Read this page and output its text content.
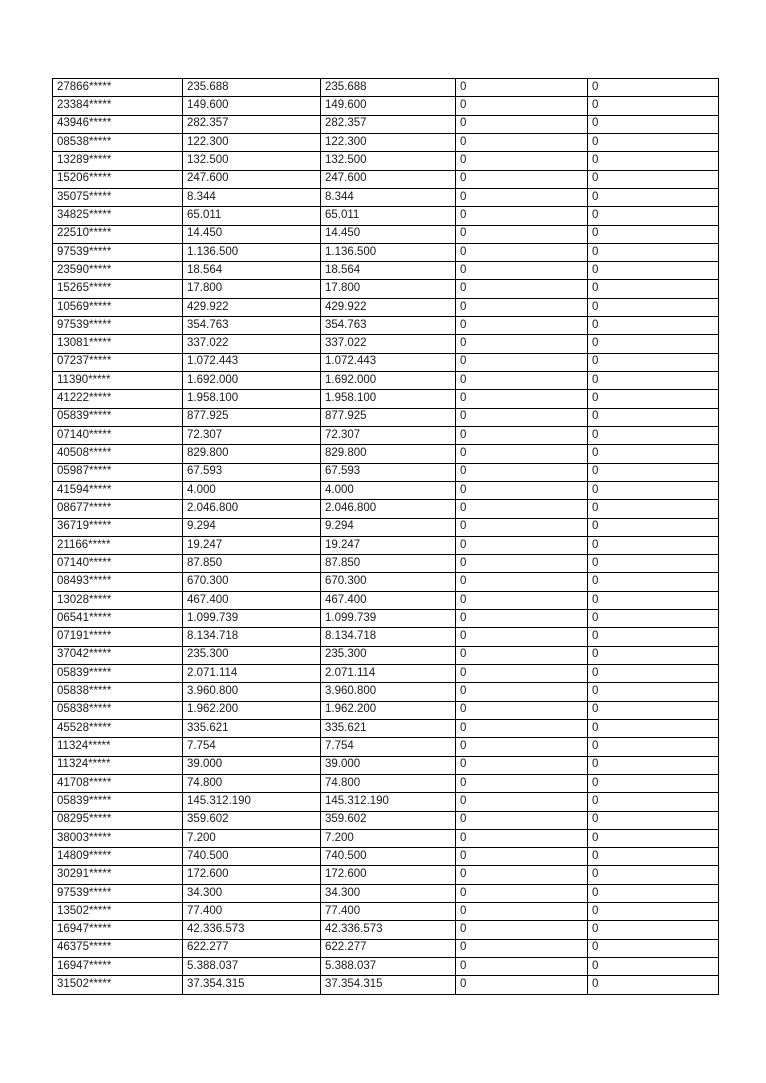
27866*****	235.688	235.688	0	0
23384*****	149.600	149.600	0	0
43946*****	282.357	282.357	0	0
08538*****	122.300	122.300	0	0
13289*****	132.500	132.500	0	0
15206*****	247.600	247.600	0	0
35075*****	8.344	8.344	0	0
34825*****	65.011	65.011	0	0
22510*****	14.450	14.450	0	0
97539*****	1.136.500	1.136.500	0	0
23590*****	18.564	18.564	0	0
15265*****	17.800	17.800	0	0
10569*****	429.922	429.922	0	0
97539*****	354.763	354.763	0	0
13081*****	337.022	337.022	0	0
07237*****	1.072.443	1.072.443	0	0
11390*****	1.692.000	1.692.000	0	0
41222*****	1.958.100	1.958.100	0	0
05839*****	877.925	877.925	0	0
07140*****	72.307	72.307	0	0
40508*****	829.800	829.800	0	0
05987*****	67.593	67.593	0	0
41594*****	4.000	4.000	0	0
08677*****	2.046.800	2.046.800	0	0
36719*****	9.294	9.294	0	0
21166*****	19.247	19.247	0	0
07140*****	87.850	87.850	0	0
08493*****	670.300	670.300	0	0
13028*****	467.400	467.400	0	0
06541*****	1.099.739	1.099.739	0	0
07191*****	8.134.718	8.134.718	0	0
37042*****	235.300	235.300	0	0
05839*****	2.071.114	2.071.114	0	0
05838*****	3.960.800	3.960.800	0	0
05838*****	1.962.200	1.962.200	0	0
45528*****	335.621	335.621	0	0
11324*****	7.754	7.754	0	0
11324*****	39.000	39.000	0	0
41708*****	74.800	74.800	0	0
05839*****	145.312.190	145.312.190	0	0
08295*****	359.602	359.602	0	0
38003*****	7.200	7.200	0	0
14809*****	740.500	740.500	0	0
30291*****	172.600	172.600	0	0
97539*****	34.300	34.300	0	0
13502*****	77.400	77.400	0	0
16947*****	42.336.573	42.336.573	0	0
46375*****	622.277	622.277	0	0
16947*****	5.388.037	5.388.037	0	0
31502*****	37.354.315	37.354.315	0	0
